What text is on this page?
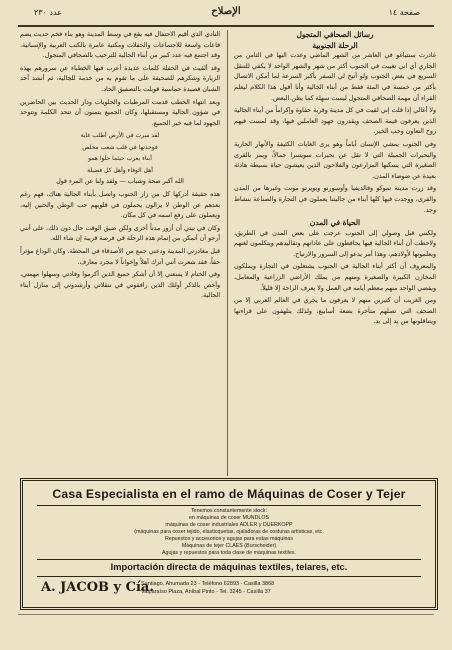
صفحة ١٤
الإصلاح
عدد ٢٣٠

رسائل الصحافي المتجول

الرحلة الجنوبية

غادرت سنتياغو في العاشر من الشهر الماضي وعدت اليها في الثامن من الجاري أي اني تغيبت في الجنوب أكثر من شهر والشهر الواحد لا يكفي للتنقل السريع في بعض الجنوب ولو أتيح لي السفر بأكبر السرعة لما أمكن الاتصال بأكثر من خمسة في المئة فقط من أبناء الجالية وأنا أقول هذا الكلام ليعلم القراء أن مهمة الصحافي المتجول ليست سهلة كما يظن البعض.

ولا أغالي إذا قلت إني لقيت في كل مدينة وقرية حفاوة وإكراماً من أبناء الجالية الذين يعرفون قيمة الصحف ويقدرون جهود العاملين فيها، وقد لمست فيهم روح التعاون وحب الخير.

وفي الجنوب يمشي الإنسان أياماً وهو يرى الغابات الكثيفة والأنهار الجارية والبحيرات الجميلة التي لا تقل عن بحيرات سويسرا جمالاً، ويمر بالقرى الصغيرة التي يسكنها المزارعون والفلاحون الذين يعيشون حياة بسيطة هادئة بعيدة عن ضوضاء المدن.

وقد زرت مدينة تموكو وفالديفيا وأوسورنو وبويرتو مونت وغيرها من المدن والقرى، ووجدت فيها كلها أبناء من جاليتنا يعملون في التجارة والصناعة بنشاط وجد.

الحياة في المدن

ولكنني قبل وصولي إلى الجنوب عرجت على بعض المدن في الطريق، ولاحظت أن أبناء الجالية فيها يحافظون على عاداتهم وتقاليدهم ويتكلمون لغتهم ويعلمونها لأولادهم، وهذا أمر يدعو إلى السرور والارتياح.

والمعروف أن أكثر أبناء الجالية في الجنوب يشتغلون في التجارة ويملكون المخازن الكبيرة والصغيرة ومنهم من يملك الأراضي الزراعية والمعامل، ويقضي الواحد منهم معظم أيامه في العمل ولا يعرف الراحة إلا قليلاً.

ومن الغريب أن كثيرين منهم لا يعرفون ما يجري في العالم العربي إلا من الصحف التي تصلهم متأخرة بضعة أسابيع، ولذلك يتلهفون على قراءتها ويتناقلونها من يد إلى يد.

النادي الذي أقيم الاحتفال فيه يقع في وسط المدينة وهو بناء فخم حديث يضم قاعات واسعة للاجتماعات والحفلات ومكتبة عامرة بالكتب العربية والإسبانية، وقد اجتمع فيه عدد كبير من أبناء الجالية للترحيب بالصحافي المتجول.

وقد ألقيت في الحفلة كلمات عديدة أعرب فيها الخطباء عن سرورهم بهذه الزيارة وشكرهم للصحيفة على ما تقوم به من خدمة للجالية، ثم أنشد أحد الشبان قصيدة حماسية قوبلت بالتصفيق الحاد.

وبعد انتهاء الخطب قدمت المرطبات والحلويات ودار الحديث بين الحاضرين في شؤون الجالية ومستقبلها، وكان الجميع يتمنون أن تتحد الكلمة وتتوحد الجهود لما فيه خير الجميع.

لقد سرت في الأرض أطلب غاية

فوجدتها في قلب شعب مخلص

أبناء يعرب حيثما حلوا همو

أهل الوفاء وأهل كل فضيلة

الله أكبر صحة وشباب — ولقد ولنا عن المرء قول

هذه حقيقة أدركها كل من زار الجنوب واتصل بأبناء الجالية هناك، فهم رغم بعدهم عن الوطن لا يزالون يحملون في قلوبهم حب الوطن والحنين إليه، ويعملون على رفع اسمه في كل مكان.

وكان في نيتي أن أزور مدناً أخرى ولكن ضيق الوقت حال دون ذلك، على أنني أرجو أن أتمكن من إتمام هذه الرحلة في فرصة قريبة إن شاء الله.

قبل مغادرتي المدينة ودعني جمع من الأصدقاء في المحطة، وكان الوداع مؤثراً حقاً، فقد شعرت أنني أترك أهلاً وإخواناً لا مجرد معارف.

وفي الختام لا يسعني إلا أن أشكر جميع الذين أكرموا وفادتي وسهلوا مهمتي، وأخص بالذكر أولئك الذين رافقوني في تنقلاتي وأرشدوني إلى منازل أبناء الجالية.

Casa Especialista en el ramo de Máquinas de Coser y Tejer
Tenemos constantemente stock:
en máquinas de coser MUNDLOS
máquinas de coser industriales ADLER y DUERKOPP
(máquinas para coser tejido, elasticquetas, ojaladoras de costuras artísticas, etc.
Repuestos y accesorios y agujas para estas máquinas
Máquinas de tejer CLAES (Burscheider)
Agujas y repuestos para toda clase de máquinas textiles.
Importación directa de máquinas textiles, telares, etc.
A. JACOB y Cía.
Santiago, Ahumada 23 - Teléfono 62893 - Casilla 3868
Valparaíso Plaza, Aníbal Pinto - Tel. 3245 - Casilla 37
